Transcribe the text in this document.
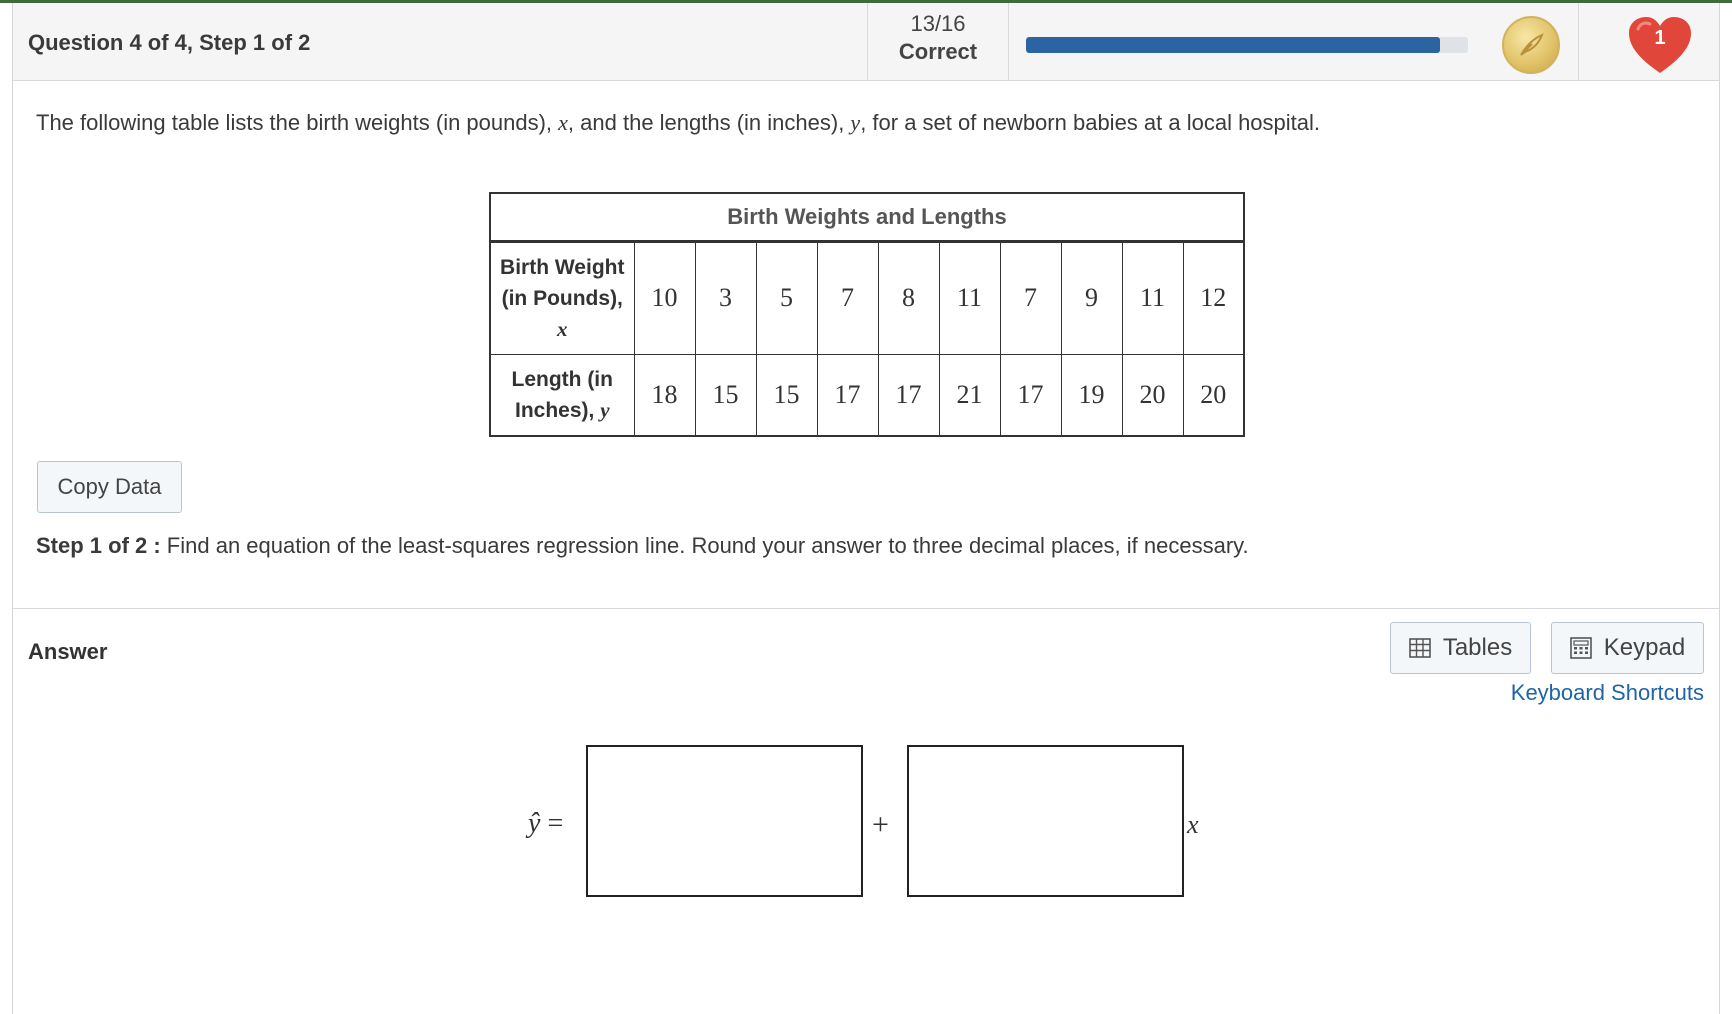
Question 4 of 4, Step 1 of 2
13/16
Correct
1
The following table lists the birth weights (in pounds), x, and the lengths (in inches), y, for a set of newborn babies at a local hospital.
Birth Weights and Lengths										
Birth Weight (in Pounds), x	10	3	5	7	8	11	7	9	11	12
Length (in Inches), y	18	15	15	17	17	21	17	19	20	20
Copy Data
Step 1 of 2 : Find an equation of the least-squares regression line. Round your answer to three decimal places, if necessary.
Answer	Tables	Keypad
Keyboard Shortcuts
ŷ =	+	x
